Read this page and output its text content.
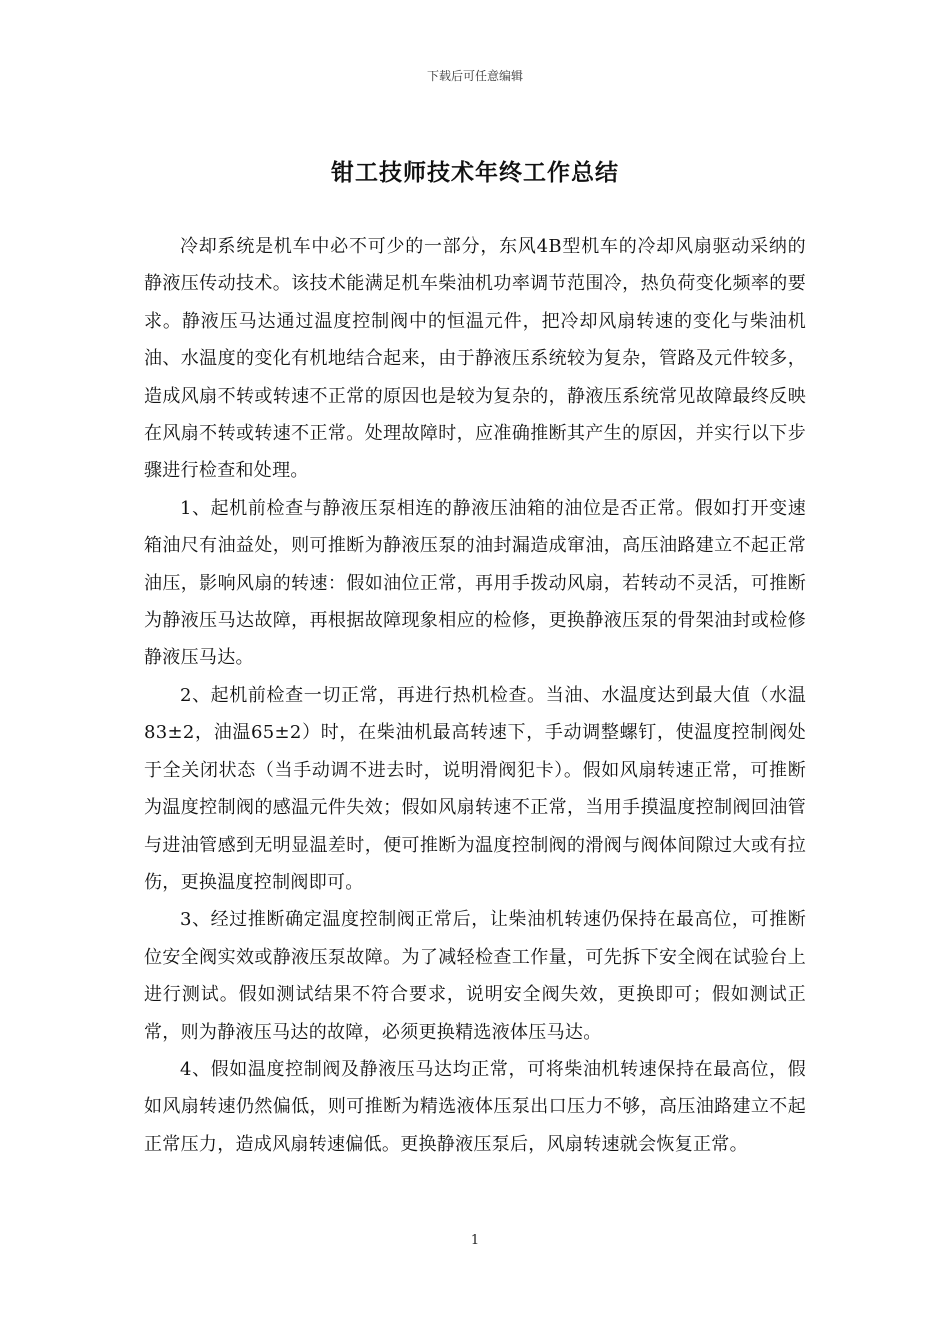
下载后可任意编辑
钳工技师技术年终工作总结

冷却系统是机车中必不可少的一部分，东风4B型机车的冷却风扇驱动采纳的静液压传动技术。该技术能满足机车柴油机功率调节范围冷，热负荷变化频率的要求。静液压马达通过温度控制阀中的恒温元件，把冷却风扇转速的变化与柴油机油、水温度的变化有机地结合起来，由于静液压系统较为复杂，管路及元件较多，造成风扇不转或转速不正常的原因也是较为复杂的，静液压系统常见故障最终反映在风扇不转或转速不正常。处理故障时，应准确推断其产生的原因，并实行以下步骤进行检查和处理。

1、起机前检查与静液压泵相连的静液压油箱的油位是否正常。假如打开变速箱油尺有油益处，则可推断为静液压泵的油封漏造成窜油，高压油路建立不起正常油压，影响风扇的转速：假如油位正常，再用手拨动风扇，若转动不灵活，可推断为静液压马达故障，再根据故障现象相应的检修，更换静液压泵的骨架油封或检修静液压马达。

2、起机前检查一切正常，再进行热机检查。当油、水温度达到最大值（水温83±2，油温65±2）时，在柴油机最高转速下，手动调整螺钉，使温度控制阀处于全关闭状态（当手动调不进去时，说明滑阀犯卡）。假如风扇转速正常，可推断为温度控制阀的感温元件失效；假如风扇转速不正常，当用手摸温度控制阀回油管与进油管感到无明显温差时，便可推断为温度控制阀的滑阀与阀体间隙过大或有拉伤，更换温度控制阀即可。

3、经过推断确定温度控制阀正常后，让柴油机转速仍保持在最高位，可推断位安全阀实效或静液压泵故障。为了减轻检查工作量，可先拆下安全阀在试验台上进行测试。假如测试结果不符合要求，说明安全阀失效，更换即可；假如测试正常，则为静液压马达的故障，必须更换精选液体压马达。

4、假如温度控制阀及静液压马达均正常，可将柴油机转速保持在最高位，假如风扇转速仍然偏低，则可推断为精选液体压泵出口压力不够，高压油路建立不起正常压力，造成风扇转速偏低。更换静液压泵后，风扇转速就会恢复正常。

1
